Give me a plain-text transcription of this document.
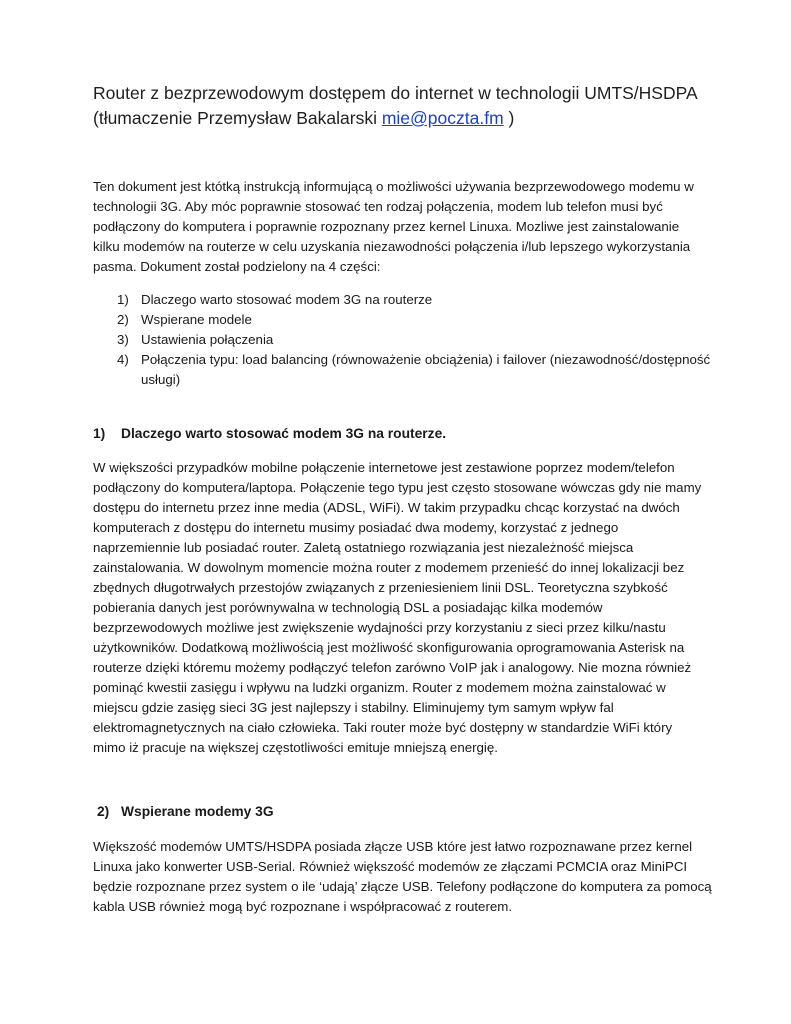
Router z bezprzewodowym dostępem do internet w technologii UMTS/HSDPA
(tłumaczenie Przemysław Bakalarski mie@poczta.fm )

Ten dokument jest któtką instrukcją informującą o możliwości używania bezprzewodowego modemu w
technologii 3G. Aby móc poprawnie stosować ten rodzaj połączenia, modem lub telefon musi być
podłączony do komputera i poprawnie rozpoznany przez kernel Linuxa. Mozliwe jest zainstalowanie
kilku modemów na routerze w celu uzyskania niezawodności połączenia i/lub lepszego wykorzystania
pasma. Dokument został podzielony na 4 części:

1) Dlaczego warto stosować modem 3G na routerze
2) Wspierane modele
3) Ustawienia połączenia
4) Połączenia typu: load balancing (równoważenie obciążenia) i failover (niezawodność/dostępność
usługi)
1) Dlaczego warto stosować modem 3G na routerze.

W większości przypadków mobilne połączenie internetowe jest zestawione poprzez modem/telefon
podłączony do komputera/laptopa. Połączenie tego typu jest często stosowane wówczas gdy nie mamy
dostępu do internetu przez inne media (ADSL, WiFi). W takim przypadku chcąc korzystać na dwóch
komputerach z dostępu do internetu musimy posiadać dwa modemy, korzystać z jednego
naprzemiennie lub posiadać router. Zaletą ostatniego rozwiązania jest niezależność miejsca
zainstalowania. W dowolnym momencie można router z modemem przenieść do innej lokalizacji bez
zbędnych długotrwałych przestojów związanych z przeniesieniem linii DSL. Teoretyczna szybkość
pobierania danych jest porównywalna w technologią DSL a posiadając kilka modemów
bezprzewodowych możliwe jest zwiększenie wydajności przy korzystaniu z sieci przez kilku/nastu
użytkowników. Dodatkową możliwością jest możliwość skonfigurowania oprogramowania Asterisk na
routerze dzięki któremu możemy podłączyć telefon zarówno VoIP jak i analogowy. Nie mozna również
pominąć kwestii zasięgu i wpływu na ludzki organizm. Router z modemem można zainstalować w
miejscu gdzie zasięg sieci 3G jest najlepszy i stabilny. Eliminujemy tym samym wpływ fal
elektromagnetycznych na ciało człowieka. Taki router może być dostępny w standardzie WiFi który
mimo iż pracuje na większej częstotliwości emituje mniejszą energię.

2) Wspierane modemy 3G

Większość modemów UMTS/HSDPA posiada złącze USB które jest łatwo rozpoznawane przez kernel
Linuxa jako konwerter USB-Serial. Również większość modemów ze złączami PCMCIA oraz MiniPCI
będzie rozpoznane przez system o ile ‘udają’ złącze USB. Telefony podłączone do komputera za pomocą
kabla USB również mogą być rozpoznane i współpracować z routerem.
